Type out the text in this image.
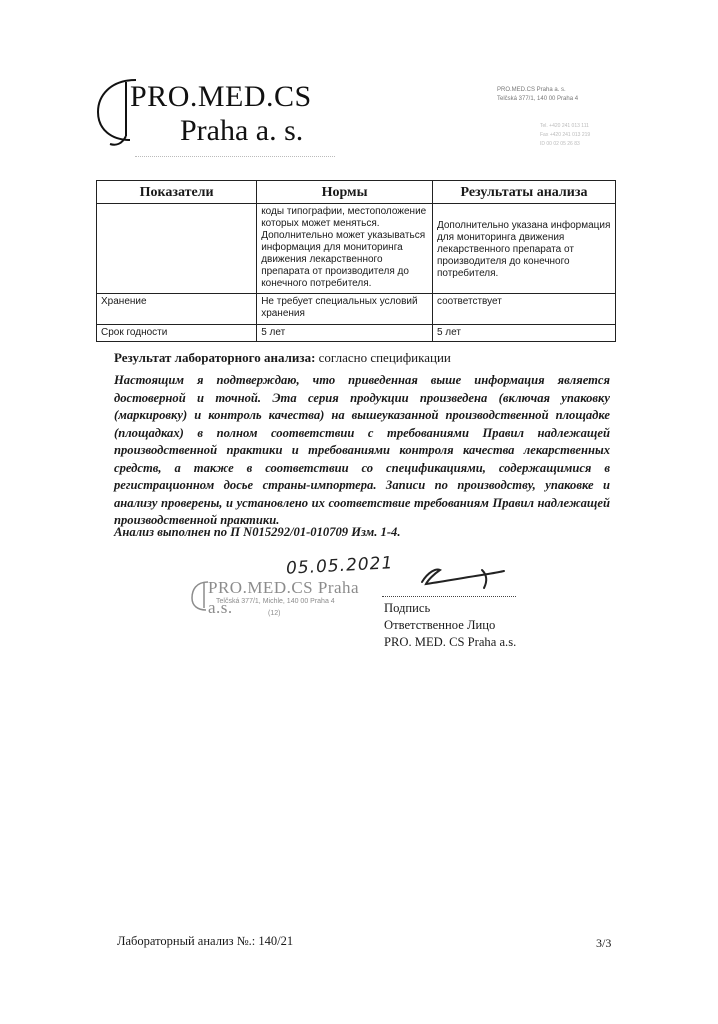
PRO.MED.CS
Praha a. s.
PRO.MED.CS Praha a. s.
Telčská 377/1, 140 00 Praha 4
Tel. +420 241 013 111
Fax +420 241 013 219
ID 00 02 05 26 83
Показатели	Нормы	Результаты анализа
	коды типографии, местоположение которых может меняться. Дополнительно может указываться информация для мониторинга движения лекарственного препарата от производителя до конечного потребителя.	Дополнительно указана информация для мониторинга движения лекарственного препарата от производителя до конечного потребителя.
Хранение	Не требует специальных условий хранения	соответствует
Срок годности	5 лет	5 лет
Результат лабораторного анализа: согласно спецификации
Настоящим я подтверждаю, что приведенная выше информация является достоверной и точной. Эта серия продукции произведена (включая упаковку (маркировку) и контроль качества) на вышеуказанной производственной площадке (площадках) в полном соответствии с требованиями Правил надлежащей производственной практики и требованиями контроля качества лекарственных средств, а также в соответствии со спецификациями, содержащимися в регистрационном досье страны-импортера. Записи по производству, упаковке и анализу проверены, и установлено их соответствие требованиям Правил надлежащей производственной практики.
Анализ выполнен по П N015292/01-010709 Изм. 1-4.
05.05.2021
PRO.MED.CS Praha a.s.
Telčská 377/1, Michle, 140 00 Praha 4
(12)	Подпись
Ответственное Лицо
PRO. MED. CS Praha a.s.
Лабораторный анализ №.: 140/21	3/3
